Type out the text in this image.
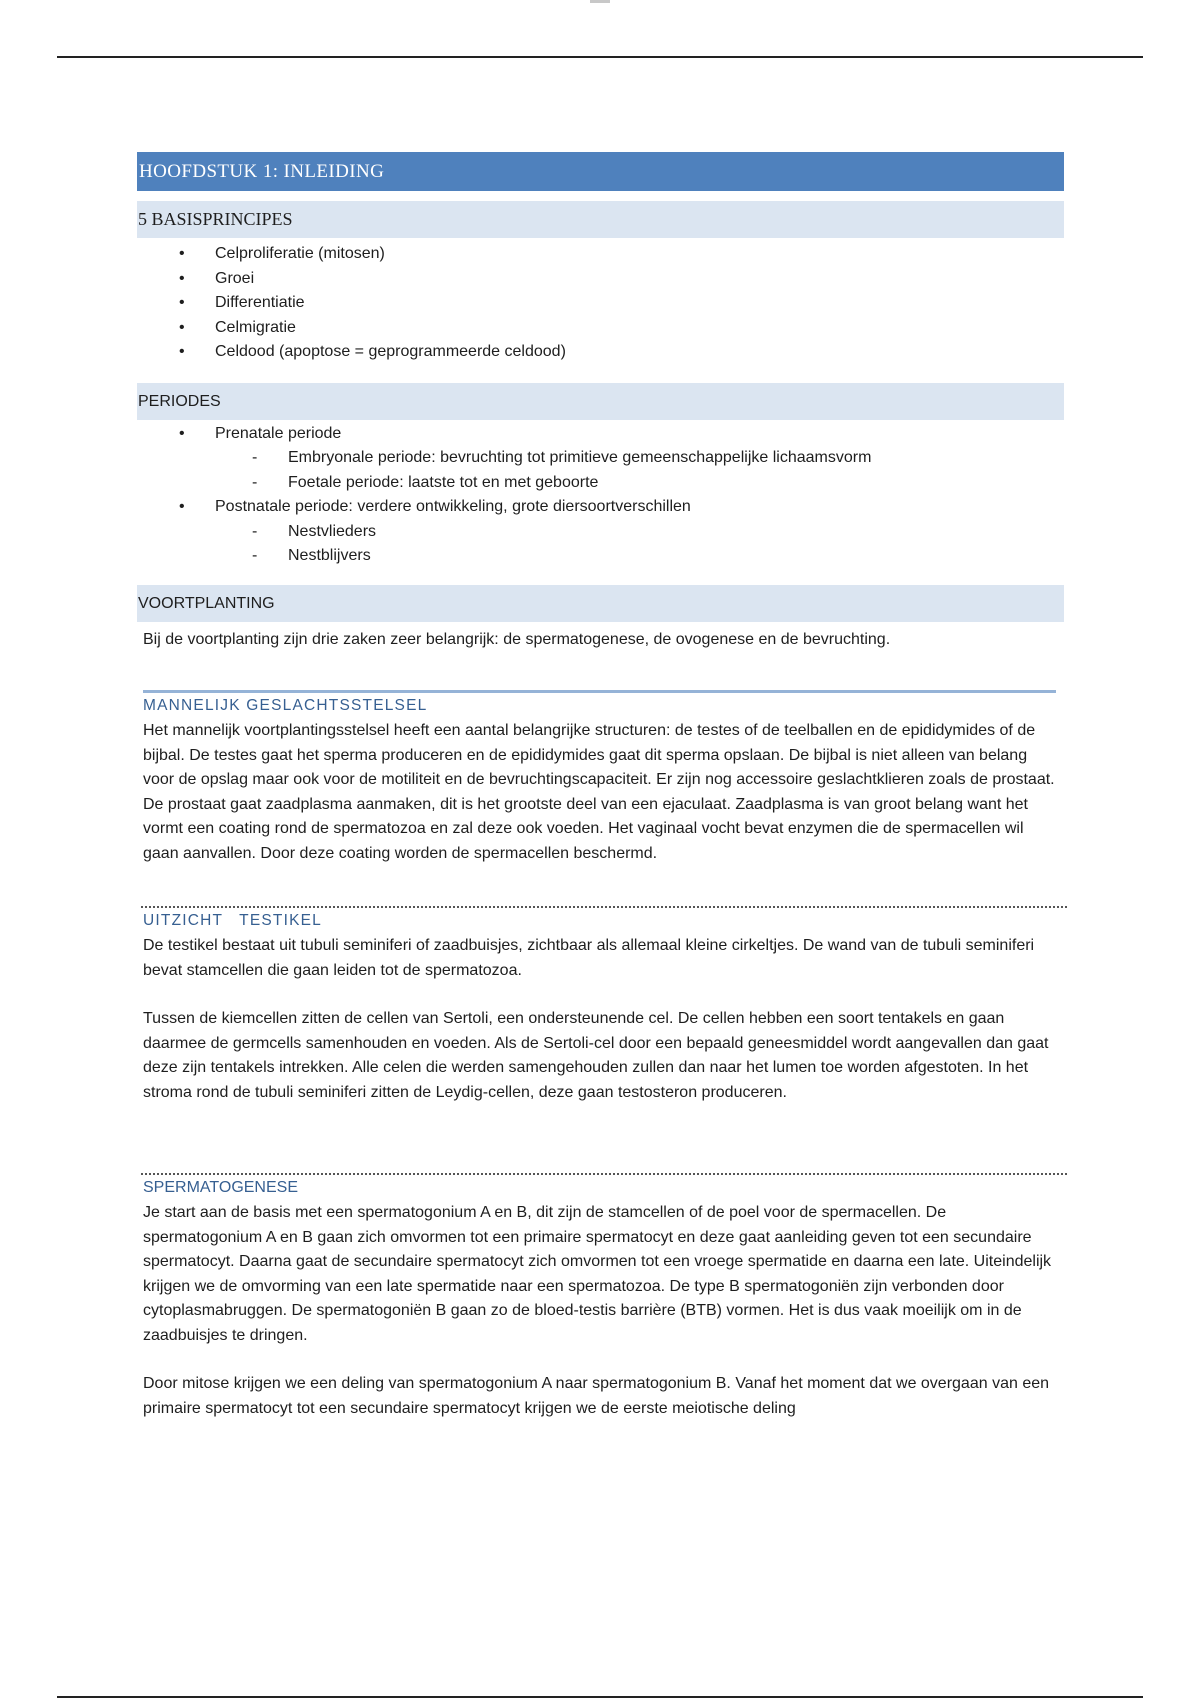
HOOFDSTUK 1: INLEIDING
5 BASISPRINCIPES
• Celproliferatie (mitosen)
• Groei
• Differentiatie
• Celmigratie
• Celdood (apoptose = geprogrammeerde celdood)
PERIODES
• Prenatale periode
- Embryonale periode: bevruchting tot primitieve gemeenschappelijke lichaamsvorm
- Foetale periode: laatste tot en met geboorte
• Postnatale periode: verdere ontwikkeling, grote diersoortverschillen
- Nestvlieders
- Nestblijvers
VOORTPLANTING

Bij de voortplanting zijn drie zaken zeer belangrijk: de spermatogenese, de ovogenese en de bevruchting.

MANNELIJK GESLACHTSSTELSEL

Het mannelijk voortplantingsstelsel heeft een aantal belangrijke structuren: de testes of de teelballen en de epididymides of de bijbal. De testes gaat het sperma produceren en de epididymides gaat dit sperma opslaan. De bijbal is niet alleen van belang voor de opslag maar ook voor de motiliteit en de bevruchtingscapaciteit. Er zijn nog accessoire geslachtklieren zoals de prostaat. De prostaat gaat zaadplasma aanmaken, dit is het grootste deel van een ejaculaat. Zaadplasma is van groot belang want het vormt een coating rond de spermatozoa en zal deze ook voeden. Het vaginaal vocht bevat enzymen die de spermacellen wil gaan aanvallen. Door deze coating worden de spermacellen beschermd.

UITZICHT   TESTIKEL

De testikel bestaat uit tubuli seminiferi of zaadbuisjes, zichtbaar als allemaal kleine cirkeltjes. De wand van de tubuli seminiferi bevat stamcellen die gaan leiden tot de spermatozoa.

Tussen de kiemcellen zitten de cellen van Sertoli, een ondersteunende cel. De cellen hebben een soort tentakels en gaan daarmee de germcells samenhouden en voeden. Als de Sertoli-cel door een bepaald geneesmiddel wordt aangevallen dan gaat deze zijn tentakels intrekken. Alle celen die werden samengehouden zullen dan naar het lumen toe worden afgestoten. In het stroma rond de tubuli seminiferi zitten de Leydig-cellen, deze gaan testosteron produceren.

SPERMATOGENESE

Je start aan de basis met een spermatogonium A en B, dit zijn de stamcellen of de poel voor de spermacellen. De spermatogonium A en B gaan zich omvormen tot een primaire spermatocyt en deze gaat aanleiding geven tot een secundaire spermatocyt. Daarna gaat de secundaire spermatocyt zich omvormen tot een vroege spermatide en daarna een late. Uiteindelijk krijgen we de omvorming van een late spermatide naar een spermatozoa. De type B spermatogoniën zijn verbonden door cytoplasmabruggen. De spermatogoniën B gaan zo de bloed-testis barrière (BTB) vormen. Het is dus vaak moeilijk om in de zaadbuisjes te dringen.

Door mitose krijgen we een deling van spermatogonium A naar spermatogonium B. Vanaf het moment dat we overgaan van een primaire spermatocyt tot een secundaire spermatocyt krijgen we de eerste meiotische deling
